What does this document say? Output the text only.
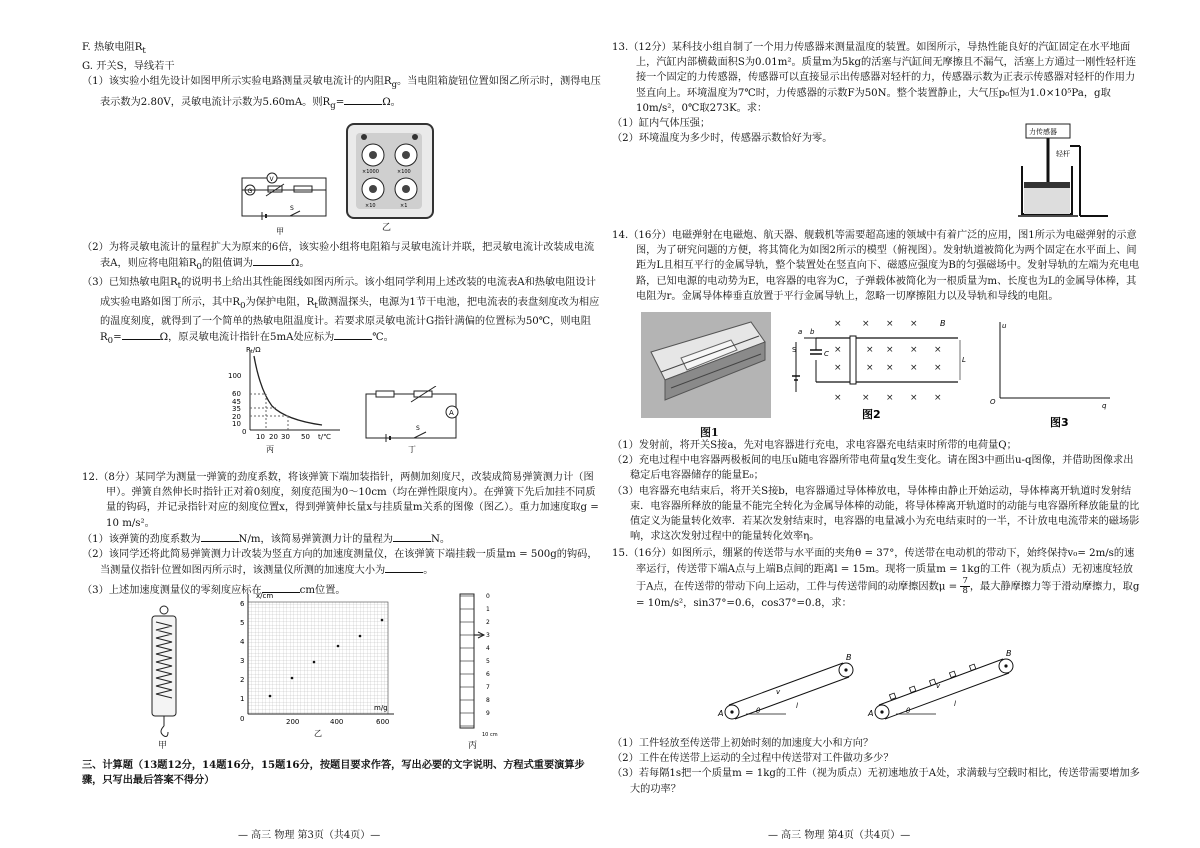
F. 热敏电阻$R_t$

G. 开关S，导线若干

（1）该实验小组先设计如图甲所示实验电路测量灵敏电流计的内阻$R_g$。当电阻箱旋钮位置如图乙所示时，测得电压表示数为2.80V，灵敏电流计示数为5.60mA。则$R_g=$	Ω。

V
G
S
甲
×1000	×100
×10	×1
乙

（2）为将灵敏电流计的量程扩大为原来的6倍，该实验小组将电阻箱与灵敏电流计并联，把灵敏电流计改装成电流表A，则应将电阻箱$R_0$的阻值调为	Ω。

（3）已知热敏电阻$R_t$的说明书上给出其性能图线如图丙所示。该小组同学利用上述改装的电流表A和热敏电阻设计成实验电路如图丁所示，其中$R_0$为保护电阻，$R_t$做测温探头，电源为1节干电池，把电流表的表盘刻度改为相应的温度刻度，就得到了一个简单的热敏电阻温度计。若要求原灵敏电流计G指针满偏的位置标为50℃，则电阻$R_0=$	Ω，原灵敏电流计指针在5mA处应标为	℃。

Rt/Ω
100
60
45
35
20
10
0
10 20 30 50 t/℃
丙
A
S
丁

12.（8分）某同学为测量一弹簧的劲度系数，将该弹簧下端加装指针，两侧加刻度尺，改装成简易弹簧测力计（图甲）。弹簧自然伸长时指针正对着0刻度，刻度范围为0～10cm（均在弹性限度内）。在弹簧下先后加挂不同质量的钩码，并记录指针对应的刻度位置x，得到弹簧伸长量x与挂质量m关系的图像（图乙）。重力加速度取g = 10 m/s²。

（1）该弹簧的劲度系数为	N/m，该简易弹簧测力计的量程为	N。

（2）该同学还将此简易弹簧测力计改装为竖直方向的加速度测量仪，在该弹簧下端挂载一质量m = 500g的钩码，当测量仪指针位置如图丙所示时，该测量仪所测的加速度大小为	。

（3）上述加速度测量仪的零刻度应标在	cm位置。

甲
x/cm
m/g
6
5
4
3
2
1
0	200	400	600
乙
0
1
2
3
4
5
6
7
8
9
10 cm
丙

三、计算题（13题12分，14题16分，15题16分，按题目要求作答，写出必要的文字说明、方程式重要演算步骤，只写出最后答案不得分）

— 高三 物理 第3页（共4页）—

13.（12分）某科技小组自制了一个用力传感器来测量温度的装置。如图所示，导热性能良好的汽缸固定在水平地面上，汽缸内部横截面积S为0.01m²。质量m为5kg的活塞与汽缸间无摩擦且不漏气，活塞上方通过一刚性轻杆连接一个固定的力传感器，传感器可以直接显示出传感器对轻杆的力，传感器示数为正表示传感器对轻杆的作用力竖直向上。环境温度为7℃时，力传感器的示数F为50N。整个装置静止，大气压p₀恒为1.0×10⁵Pa，g取10m/s²，0℃取273K。求：

（1）缸内气体压强；

（2）环境温度为多少时，传感器示数恰好为零。

力传感器
轻杆

14.（16分）电磁弹射在电磁炮、航天器、舰载机等需要超高速的领域中有着广泛的应用，图1所示为电磁弹射的示意图，为了研究问题的方便，将其简化为如图2所示的模型（俯视图）。发射轨道被简化为两个固定在水平面上、间距为L且相互平行的金属导轨，整个装置处在竖直向下、磁感应强度为B的匀强磁场中。发射导轨的左端为充电电路，已知电源的电动势为E，电容器的电容为C，子弹载体被简化为一根质量为m、长度也为L的金属导体棒，其电阻为r。金属导体棒垂直放置于平行金属导轨上，忽略一切摩擦阻力以及导轨和导线的电阻。

图1
C
a b
S
× × × ×
×	× × × ×
×	× × × ×
× × × × ×
B
L
图2
u
q
O
图3

（1）发射前，将开关S接a，先对电容器进行充电，求电容器充电结束时所带的电荷量Q；

（2）充电过程中电容器两极板间的电压u随电容器所带电荷量q发生变化。请在图3中画出u-q图像，并借助图像求出稳定后电容器储存的能量E₀；

（3）电容器充电结束后，将开关S接b，电容器通过导体棒放电，导体棒由静止开始运动，导体棒离开轨道时发射结束．电容器所释放的能量不能完全转化为金属导体棒的动能，将导体棒离开轨道时的动能与电容器所释放能量的比值定义为能量转化效率．若某次发射结束时，电容器的电量减小为充电结束时的一半，不计放电电流带来的磁场影响，求这次发射过程中的能量转化效率η。

15.（16分）如图所示，绷紧的传送带与水平面的夹角θ = 37°，传送带在电动机的带动下，始终保持v₀= 2m/s的速率运行，传送带下端A点与上端B点间的距离l = 15m。现将一质量m = 1kg的工件（视为质点）无初速度轻放于A点，在传送带的带动下向上运动，工件与传送带间的动摩擦因数$\mu = \frac{7}{8}$ ，最大静摩擦力等于滑动摩擦力，取g = 10m/s²，sin37°=0.6，cos37°=0.8，求：

A
B
v
θ
l
A
B
v
θ
l

（1）工件轻放至传送带上初始时刻的加速度大小和方向？

（2）工件在传送带上运动的全过程中传送带对工件做功多少？

（3）若每隔1s把一个质量m = 1kg的工件（视为质点）无初速地放于A处，求满载与空载时相比，传送带需要增加多大的功率？

— 高三 物理 第4页（共4页）—
